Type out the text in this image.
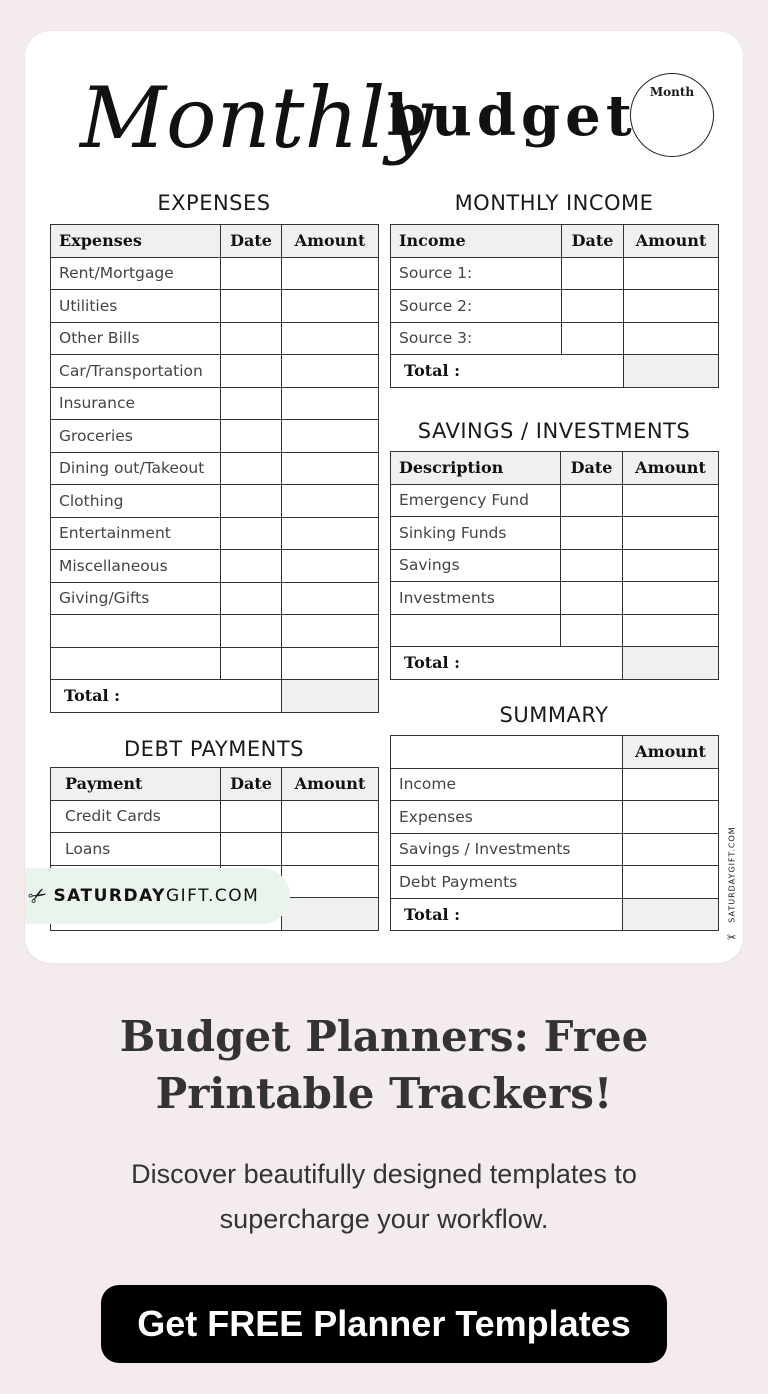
Monthly
budget	Month
EXPENSES
Expenses	Date	Amount
Rent/Mortgage		
Utilities		
Other Bills		
Car/Transportation		
Insurance		
Groceries		
Dining out/Takeout		
Clothing		
Entertainment		
Miscellaneous		
Giving/Gifts		

Total :		
MONTHLY INCOME
Income	Date	Amount
Source 1:		
Source 2:		
Source 3:		
Total :		
SAVINGS / INVESTMENTS
Description	Date	Amount
Emergency Fund		
Sinking Funds		
Savings		
Investments		

Total :		
SUMMARY
	Amount
Income	
Expenses	
Savings / Investments	
Debt Payments	
Total :	
DEBT PAYMENTS
Payment	Date	Amount
Credit Cards		
Loans		

✂ SATURDAY GIFT.COM	SATURDAYGIFT.COM
✂
Budget Planners: Free Printable Trackers!
Discover beautifully designed templates to supercharge your workflow.
Get FREE Planner Templates
